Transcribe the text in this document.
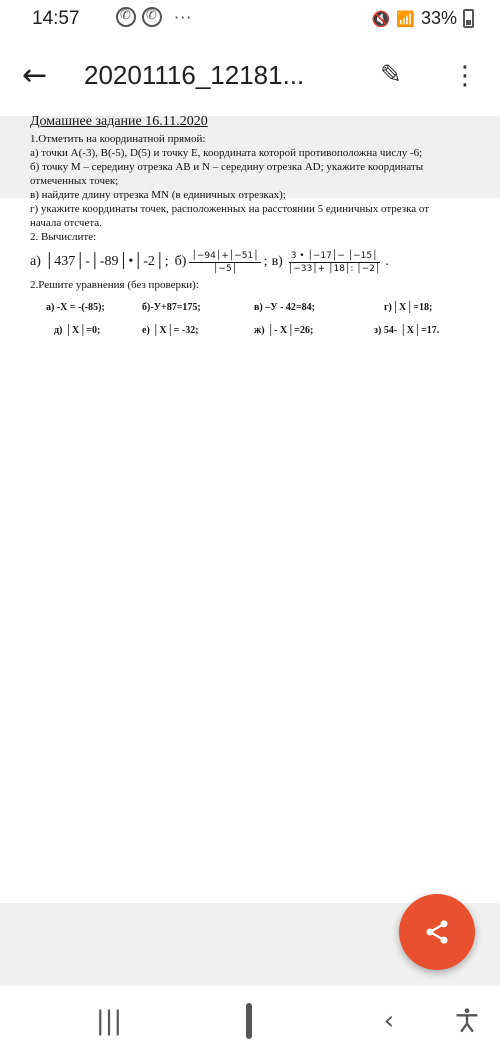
14:57 ✆ ✆	···	🔇 📶 33%
← 20201116_12181...	✎	⋮
Домашнее задание 16.11.2020
1.Отметить на координатной прямой:
а) точки А(-3), В(-5), D(5) и точку Е, координата которой противоположна числу -6;
б) точку М – середину отрезка АВ и N – середину отрезка AD; укажите координаты
отмеченных точек;
в) найдите длину отрезка MN (в единичных отрезках);
г) укажите координаты точек, расположенных на расстоянии 5 единичных отрезка от
начала отсчета.
2. Вычислите:
а) │437│-│-89│•│-2│; $б) \frac{│-94│+│-51│}{│-5│}$ ; $в) \frac{3 • │-17│- │-15│}{│-33│+ │18│: │-2│}$ .
2.Решите уравнения (без проверки):
а) -Х = -(-85);	б)-У+87=175;	в) –У - 42=84;	г)│Х│=18;
д) │Х│=0;	е) │Х│= -32;	ж) │- Х│=26;	з) 54- │Х│=17.
|||	‹
